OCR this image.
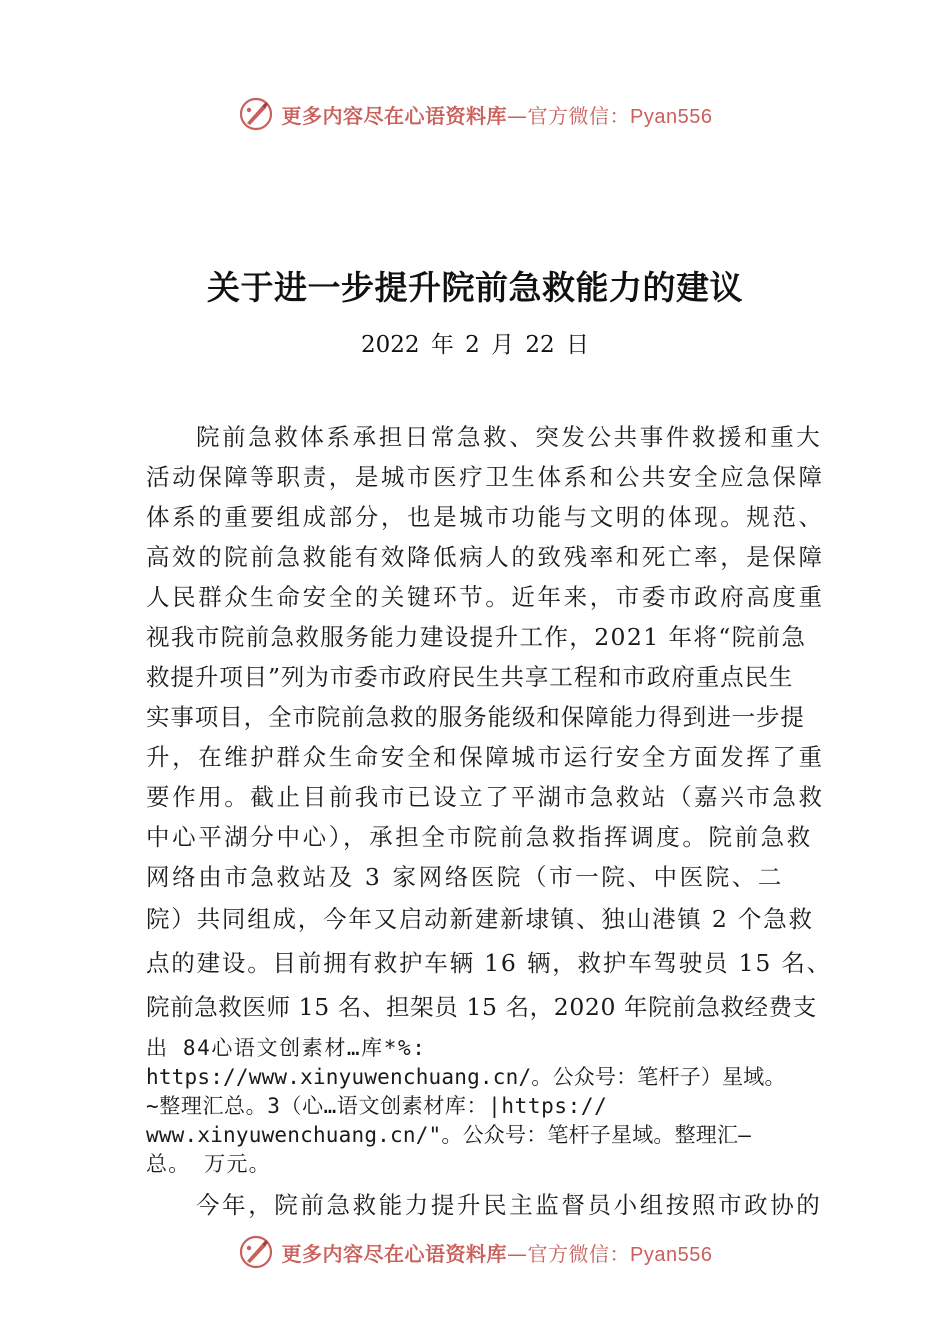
更多内容尽在心语资料库—官方微信：Pyan556
关于进一步提升院前急救能力的建议
2022 年 2 月 22 日
院前急救体系承担日常急救、突发公共事件救援和重大
活动保障等职责，是城市医疗卫生体系和公共安全应急保障
体系的重要组成部分，也是城市功能与文明的体现。规范、
高效的院前急救能有效降低病人的致残率和死亡率，是保障
人民群众生命安全的关键环节。近年来，市委市政府高度重
视我市院前急救服务能力建设提升工作，2021 年将“院前急
救提升项目”列为市委市政府民生共享工程和市政府重点民生
实事项目，全市院前急救的服务能级和保障能力得到进一步提
升，在维护群众生命安全和保障城市运行安全方面发挥了重
要作用。截止目前我市已设立了平湖市急救站（嘉兴市急救
中心平湖分中心），承担全市院前急救指挥调度。院前急救
网络由市急救站及 3 家网络医院（市一院、中医院、二
院）共同组成，今年又启动新建新埭镇、独山港镇 2 个急救
点的建设。目前拥有救护车辆 16 辆，救护车驾驶员 15 名、
院前急救医师 15 名、担架员 15 名，2020 年院前急救经费支
出 84心语文创素材…库*%:
https://www.xinyuwenchuang.cn/。公众号：笔杆子）星域。
~整理汇总。3（心…语文创素材库：|https://
www.xinyuwenchuang.cn/"。公众号：笔杆子星域。整理汇—
总。 万元。
今年，院前急救能力提升民主监督员小组按照市政协的
更多内容尽在心语资料库—官方微信：Pyan556
